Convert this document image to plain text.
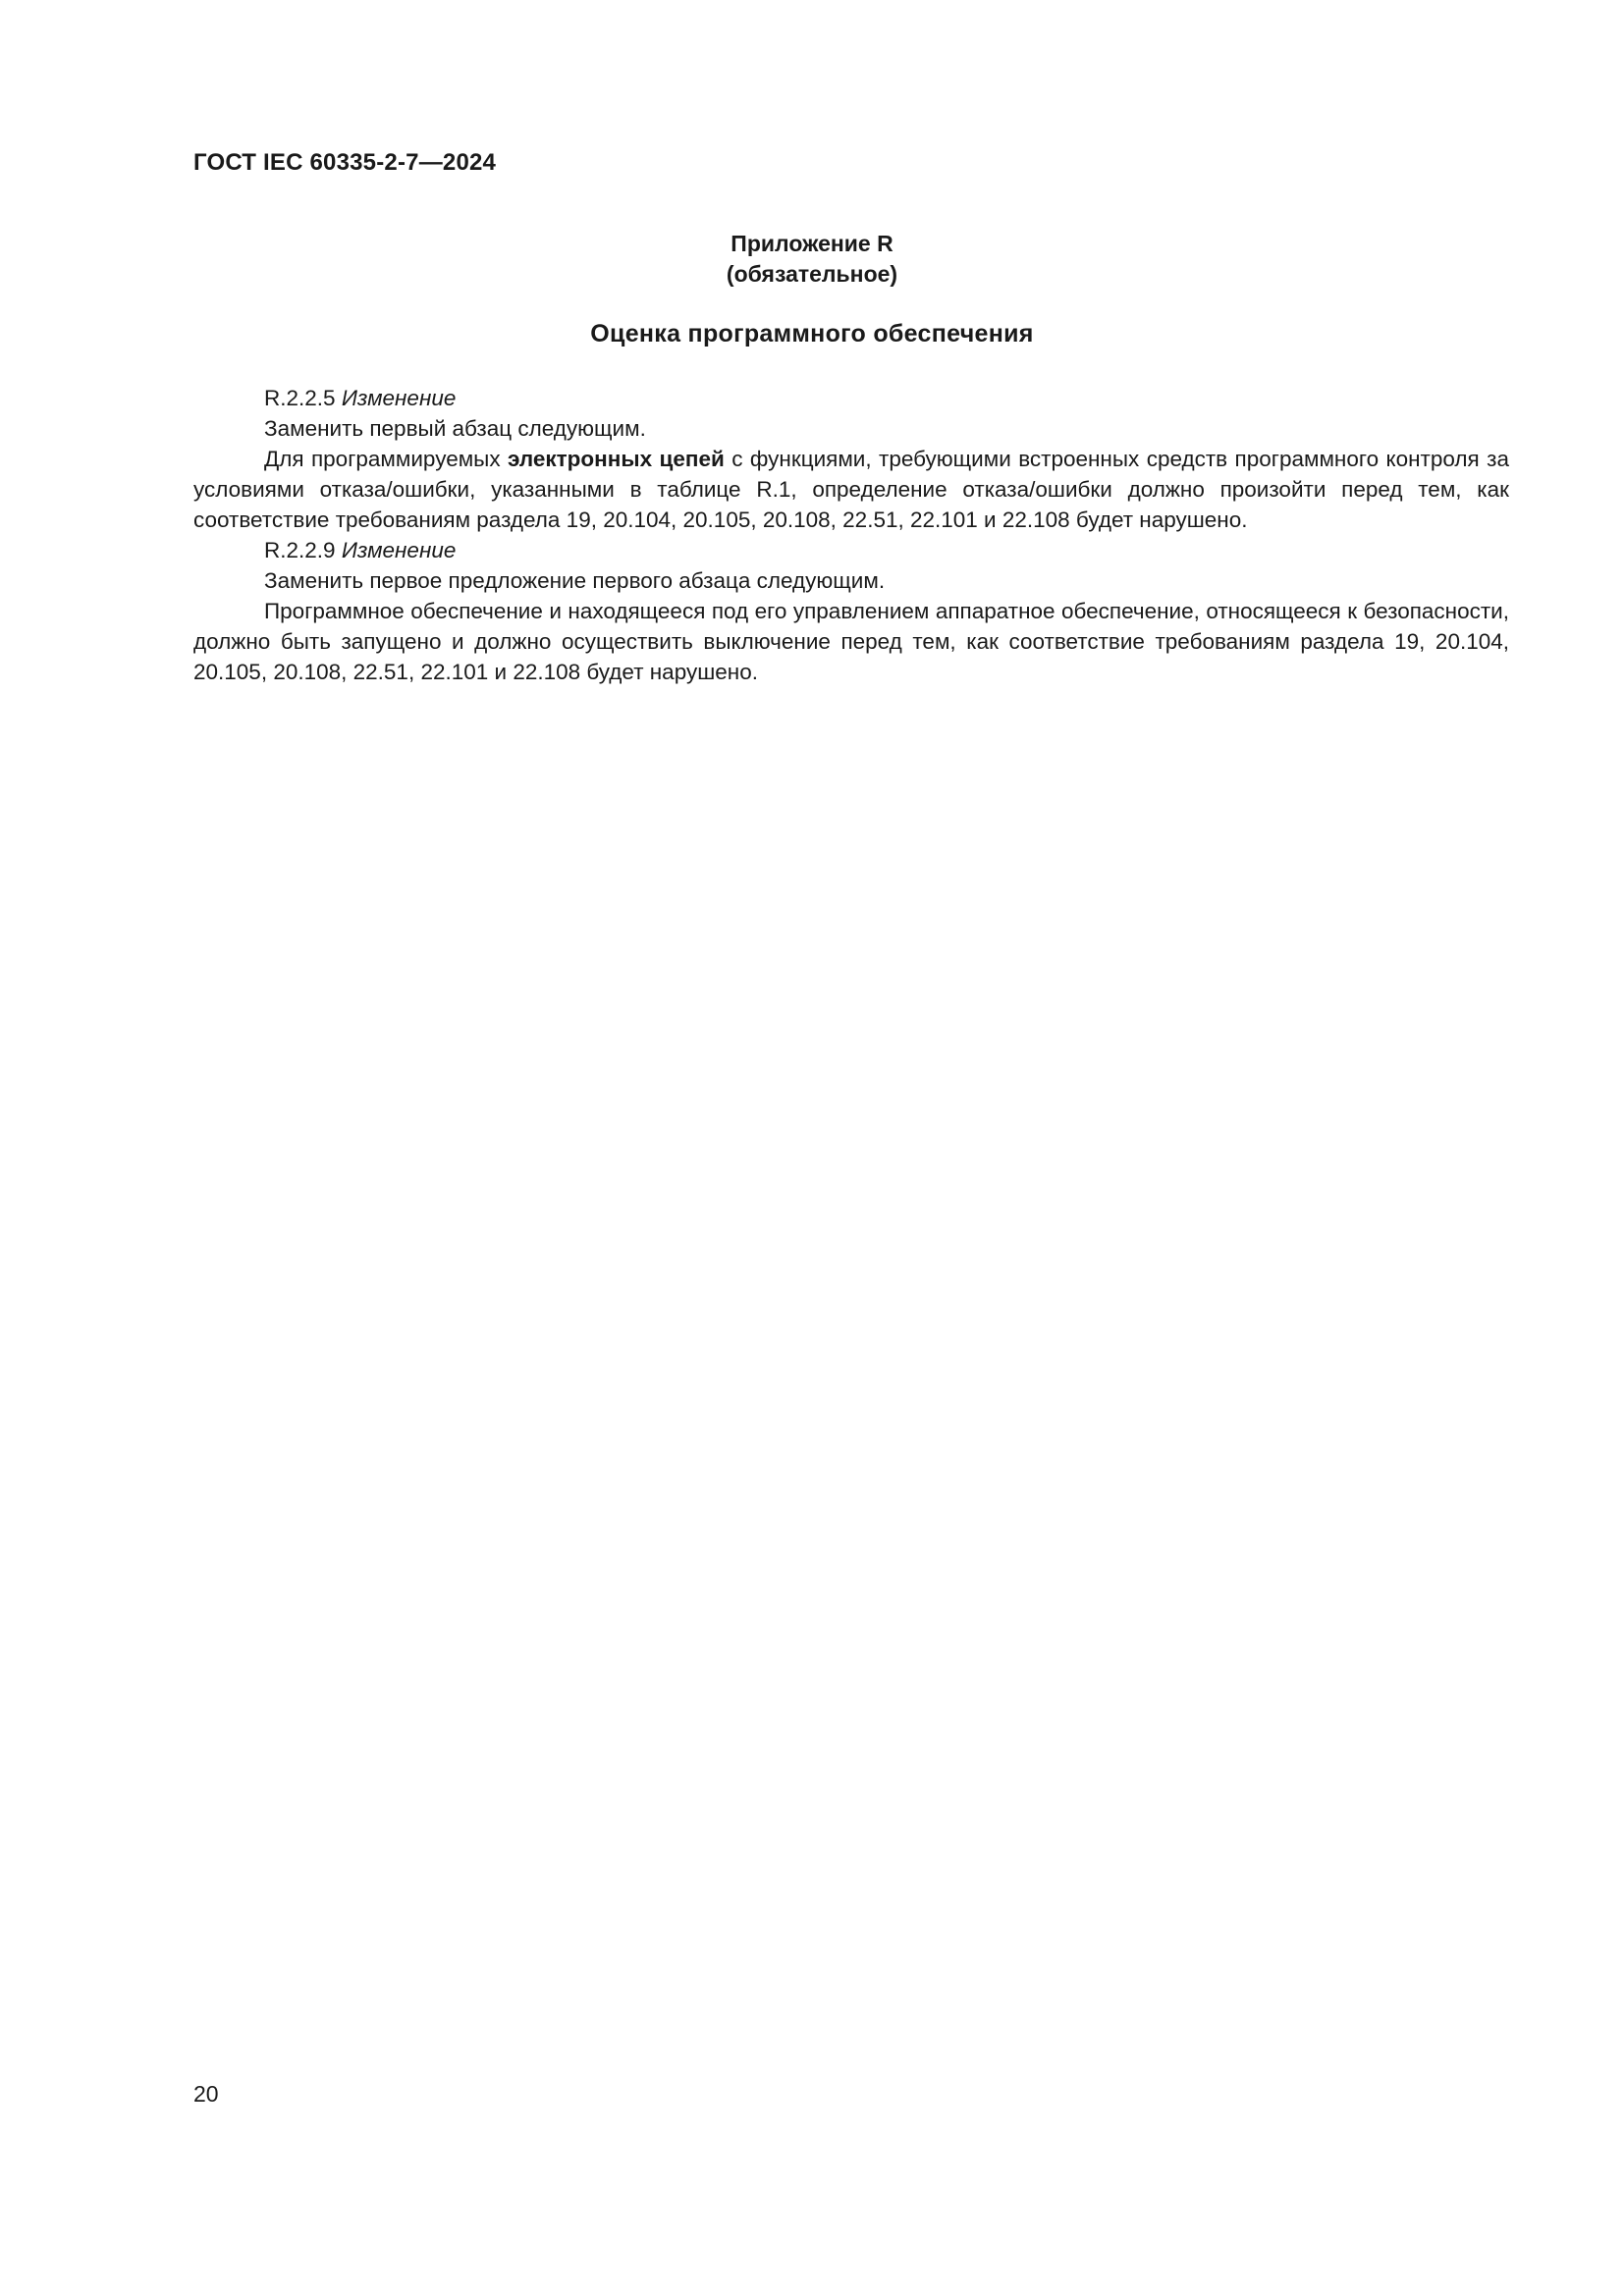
ГОСТ IEC 60335-2-7—2024
Приложение R
(обязательное)
Оценка программного обеспечения

R.2.2.5 Изменение

Заменить первый абзац следующим.

Для программируемых электронных цепей с функциями, требующими встроенных средств программного контроля за условиями отказа/ошибки, указанными в таблице R.1, определение отказа/ошибки должно произойти перед тем, как соответствие требованиям раздела 19, 20.104, 20.105, 20.108, 22.51, 22.101 и 22.108 будет нарушено.

R.2.2.9 Изменение

Заменить первое предложение первого абзаца следующим.

Программное обеспечение и находящееся под его управлением аппаратное обеспечение, относящееся к безопасности, должно быть запущено и должно осуществить выключение перед тем, как соответствие требованиям раздела 19, 20.104, 20.105, 20.108, 22.51, 22.101 и 22.108 будет нарушено.

20
